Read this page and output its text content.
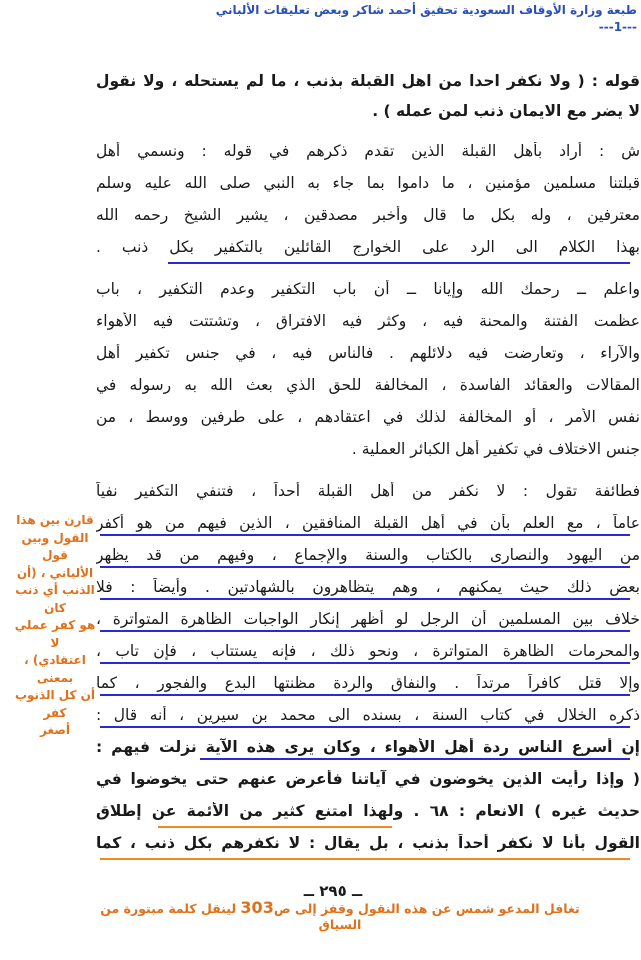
طبعة وزارة الأوقاف السعودية تحقيق أحمد شاكر وبعض تعليقات الألباني
---1---
قوله : ( ولا نكفر احدا من اهل القبلة بذنب ، ما لم يستحله ، ولا نقول
لا يضر مع الايمان ذنب لمن عمله ) .
ش : أراد بأهل القبلة الذين تقدم ذكرهم في قوله : ونسمي أهل
قبلتنا مسلمين مؤمنين ، ما داموا بما جاء به النبي صلى الله عليه وسلم
معترفين ، وله بكل ما قال وأخبر مصدقين ، يشير الشيخ رحمه الله
بهذا الكلام الى الرد على الخوارج القائلين بالتكفير بكل ذنب .
واعلم ــ رحمك الله وإيانا ــ أن باب التكفير وعدم التكفير ، باب
عظمت الفتنة والمحنة فيه ، وكثر فيه الافتراق ، وتشتتت فيه الأهواء
والآراء ، وتعارضت فيه دلائلهم . فالناس فيه ، في جنس تكفير أهل
المقالات والعقائد الفاسدة ، المخالفة للحق الذي بعث الله به رسوله في
نفس الأمر ، أو المخالفة لذلك في اعتقادهم ، على طرفين ووسط ، من
جنس الاختلاف في تكفير أهل الكبائر العملية .
فطائفة تقول : لا نكفر من أهل القبلة أحداً ، فتنفي التكفير نفياً
عاماً ، مع العلم بأن في أهل القبلة المنافقين ، الذين فيهم من هو أكفر
من اليهود والنصارى بالكتاب والسنة والإجماع ، وفيهم من قد يظهر
بعض ذلك حيث يمكنهم ، وهم يتظاهرون بالشهادتين . وأيضاً : فلا
خلاف بين المسلمين أن الرجل لو أظهر إنكار الواجبات الظاهرة المتواترة ،
والمحرمات الظاهرة المتواترة ، ونحو ذلك ، فإنه يستتاب ، فإن تاب ،
وإلا قتل كافراً مرتداً . والنفاق والردة مظنتها البدع والفجور ، كما
ذكره الخلال في كتاب السنة ، بسنده الى محمد بن سيرين ، أنه قال :
إن أسرع الناس ردة أهل الأهواء ، وكان يرى هذه الآية نزلت فيهم :
( وإذا رأيت الذين يخوضون في آياتنا فأعرض عنهم حتى يخوضوا في
حديث غيره ) الانعام : ٦٨ . ولهذا امتنع كثير من الأئمة عن إطلاق
القول بأنا لا نكفر أحداً بذنب ، بل يقال : لا نكفرهم بكل ذنب ، كما
قارن بين هذا
القول وبين قول
الألباني ، (أن
الذنب أي ذنب كان
هو كفر عملي لا
اعتقادي) ، بمعنى
أن كل الذنوب كفر
أصغر
ــ ٢٩٥ ــ
تغافل المدعو شمس عن هذه النقول وقفز إلى ص303 لينقل كلمة مبتورة من السياق
